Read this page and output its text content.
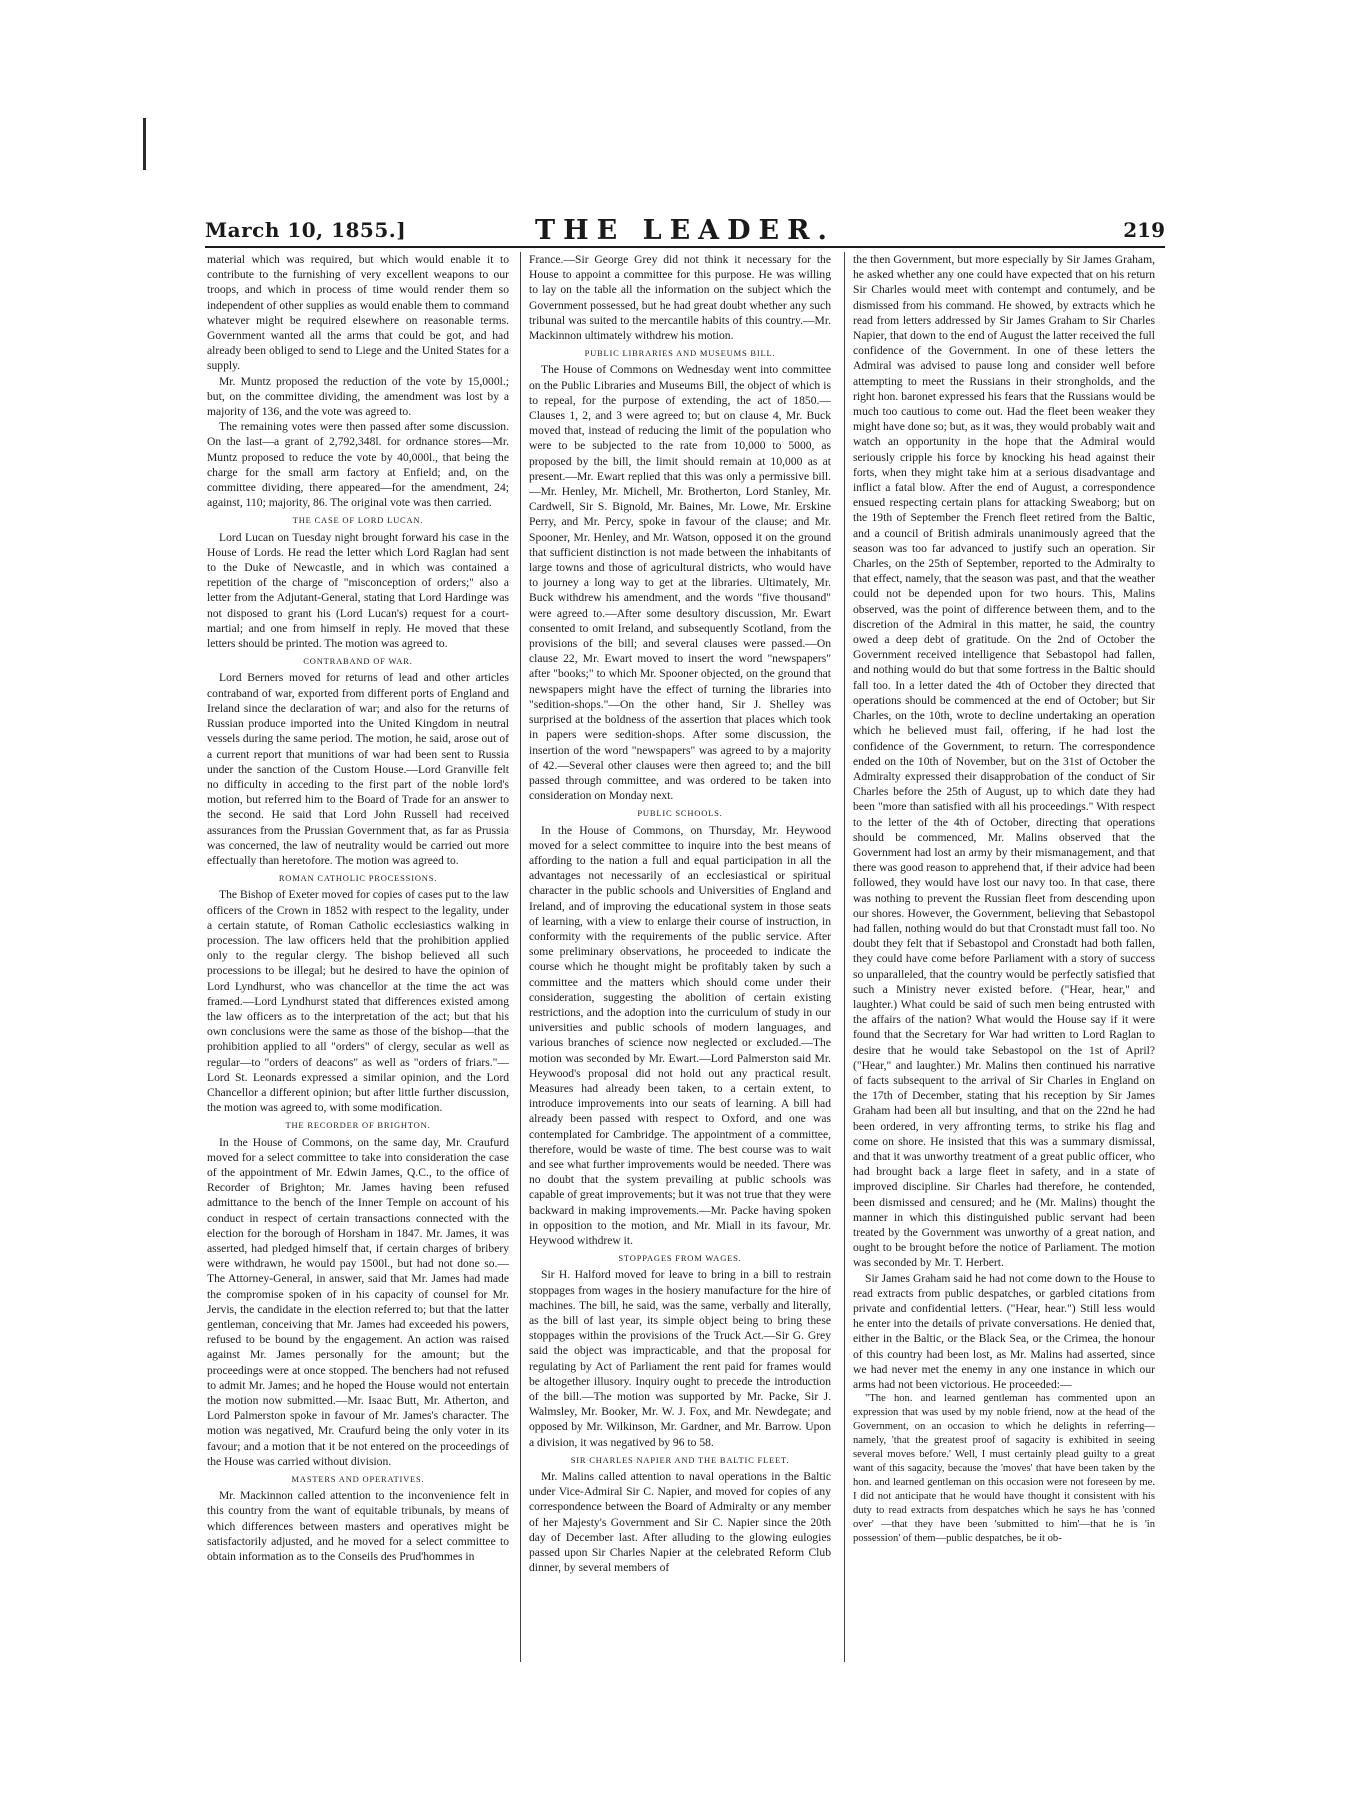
March 10, 1855.]	THE LEADER.	219

material which was required, but which would enable it to contribute to the furnishing of very excellent weapons to our troops, and which in process of time would render them so independent of other supplies as would enable them to command whatever might be required elsewhere on reasonable terms. Government wanted all the arms that could be got, and had already been obliged to send to Liege and the United States for a supply.

Mr. Muntz proposed the reduction of the vote by 15,000l.; but, on the committee dividing, the amendment was lost by a majority of 136, and the vote was agreed to.

The remaining votes were then passed after some discussion. On the last—a grant of 2,792,348l. for ordnance stores—Mr. Muntz proposed to reduce the vote by 40,000l., that being the charge for the small arm factory at Enfield; and, on the committee dividing, there appeared—for the amendment, 24; against, 110; majority, 86. The original vote was then carried.

THE CASE OF LORD LUCAN.

Lord Lucan on Tuesday night brought forward his case in the House of Lords. He read the letter which Lord Raglan had sent to the Duke of Newcastle, and in which was contained a repetition of the charge of "misconception of orders;" also a letter from the Adjutant-General, stating that Lord Hardinge was not disposed to grant his (Lord Lucan's) request for a court-martial; and one from himself in reply. He moved that these letters should be printed. The motion was agreed to.

CONTRABAND OF WAR.

Lord Berners moved for returns of lead and other articles contraband of war, exported from different ports of England and Ireland since the declaration of war; and also for the returns of Russian produce imported into the United Kingdom in neutral vessels during the same period. The motion, he said, arose out of a current report that munitions of war had been sent to Russia under the sanction of the Custom House.—Lord Granville felt no difficulty in acceding to the first part of the noble lord's motion, but referred him to the Board of Trade for an answer to the second. He said that Lord John Russell had received assurances from the Prussian Government that, as far as Prussia was concerned, the law of neutrality would be carried out more effectually than heretofore. The motion was agreed to.

ROMAN CATHOLIC PROCESSIONS.

The Bishop of Exeter moved for copies of cases put to the law officers of the Crown in 1852 with respect to the legality, under a certain statute, of Roman Catholic ecclesiastics walking in procession. The law officers held that the prohibition applied only to the regular clergy. The bishop believed all such processions to be illegal; but he desired to have the opinion of Lord Lyndhurst, who was chancellor at the time the act was framed.—Lord Lyndhurst stated that differences existed among the law officers as to the interpretation of the act; but that his own conclusions were the same as those of the bishop—that the prohibition applied to all "orders" of clergy, secular as well as regular—to "orders of deacons" as well as "orders of friars."—Lord St. Leonards expressed a similar opinion, and the Lord Chancellor a different opinion; but after little further discussion, the motion was agreed to, with some modification.

THE RECORDER OF BRIGHTON.

In the House of Commons, on the same day, Mr. Craufurd moved for a select committee to take into consideration the case of the appointment of Mr. Edwin James, Q.C., to the office of Recorder of Brighton; Mr. James having been refused admittance to the bench of the Inner Temple on account of his conduct in respect of certain transactions connected with the election for the borough of Horsham in 1847. Mr. James, it was asserted, had pledged himself that, if certain charges of bribery were withdrawn, he would pay 1500l., but had not done so.—The Attorney-General, in answer, said that Mr. James had made the compromise spoken of in his capacity of counsel for Mr. Jervis, the candidate in the election referred to; but that the latter gentleman, conceiving that Mr. James had exceeded his powers, refused to be bound by the engagement. An action was raised against Mr. James personally for the amount; but the proceedings were at once stopped. The benchers had not refused to admit Mr. James; and he hoped the House would not entertain the motion now submitted.—Mr. Isaac Butt, Mr. Atherton, and Lord Palmerston spoke in favour of Mr. James's character. The motion was negatived, Mr. Craufurd being the only voter in its favour; and a motion that it be not entered on the proceedings of the House was carried without division.

MASTERS AND OPERATIVES.

Mr. Mackinnon called attention to the inconvenience felt in this country from the want of equitable tribunals, by means of which differences between masters and operatives might be satisfactorily adjusted, and he moved for a select committee to obtain information as to the Conseils des Prud'hommes in

France.—Sir George Grey did not think it necessary for the House to appoint a committee for this purpose. He was willing to lay on the table all the information on the subject which the Government possessed, but he had great doubt whether any such tribunal was suited to the mercantile habits of this country.—Mr. Mackinnon ultimately withdrew his motion.

PUBLIC LIBRARIES AND MUSEUMS BILL.

The House of Commons on Wednesday went into committee on the Public Libraries and Museums Bill, the object of which is to repeal, for the purpose of extending, the act of 1850.—Clauses 1, 2, and 3 were agreed to; but on clause 4, Mr. Buck moved that, instead of reducing the limit of the population who were to be subjected to the rate from 10,000 to 5000, as proposed by the bill, the limit should remain at 10,000 as at present.—Mr. Ewart replied that this was only a permissive bill.—Mr. Henley, Mr. Michell, Mr. Brotherton, Lord Stanley, Mr. Cardwell, Sir S. Bignold, Mr. Baines, Mr. Lowe, Mr. Erskine Perry, and Mr. Percy, spoke in favour of the clause; and Mr. Spooner, Mr. Henley, and Mr. Watson, opposed it on the ground that sufficient distinction is not made between the inhabitants of large towns and those of agricultural districts, who would have to journey a long way to get at the libraries. Ultimately, Mr. Buck withdrew his amendment, and the words "five thousand" were agreed to.—After some desultory discussion, Mr. Ewart consented to omit Ireland, and subsequently Scotland, from the provisions of the bill; and several clauses were passed.—On clause 22, Mr. Ewart moved to insert the word "newspapers" after "books;" to which Mr. Spooner objected, on the ground that newspapers might have the effect of turning the libraries into "sedition-shops."—On the other hand, Sir J. Shelley was surprised at the boldness of the assertion that places which took in papers were sedition-shops. After some discussion, the insertion of the word "newspapers" was agreed to by a majority of 42.—Several other clauses were then agreed to; and the bill passed through committee, and was ordered to be taken into consideration on Monday next.

PUBLIC SCHOOLS.

In the House of Commons, on Thursday, Mr. Heywood moved for a select committee to inquire into the best means of affording to the nation a full and equal participation in all the advantages not necessarily of an ecclesiastical or spiritual character in the public schools and Universities of England and Ireland, and of improving the educational system in those seats of learning, with a view to enlarge their course of instruction, in conformity with the requirements of the public service. After some preliminary observations, he proceeded to indicate the course which he thought might be profitably taken by such a committee and the matters which should come under their consideration, suggesting the abolition of certain existing restrictions, and the adoption into the curriculum of study in our universities and public schools of modern languages, and various branches of science now neglected or excluded.—The motion was seconded by Mr. Ewart.—Lord Palmerston said Mr. Heywood's proposal did not hold out any practical result. Measures had already been taken, to a certain extent, to introduce improvements into our seats of learning. A bill had already been passed with respect to Oxford, and one was contemplated for Cambridge. The appointment of a committee, therefore, would be waste of time. The best course was to wait and see what further improvements would be needed. There was no doubt that the system prevailing at public schools was capable of great improvements; but it was not true that they were backward in making improvements.—Mr. Packe having spoken in opposition to the motion, and Mr. Miall in its favour, Mr. Heywood withdrew it.

STOPPAGES FROM WAGES.

Sir H. Halford moved for leave to bring in a bill to restrain stoppages from wages in the hosiery manufacture for the hire of machines. The bill, he said, was the same, verbally and literally, as the bill of last year, its simple object being to bring these stoppages within the provisions of the Truck Act.—Sir G. Grey said the object was impracticable, and that the proposal for regulating by Act of Parliament the rent paid for frames would be altogether illusory. Inquiry ought to precede the introduction of the bill.—The motion was supported by Mr. Packe, Sir J. Walmsley, Mr. Booker, Mr. W. J. Fox, and Mr. Newdegate; and opposed by Mr. Wilkinson, Mr. Gardner, and Mr. Barrow. Upon a division, it was negatived by 96 to 58.

SIR CHARLES NAPIER AND THE BALTIC FLEET.

Mr. Malins called attention to naval operations in the Baltic under Vice-Admiral Sir C. Napier, and moved for copies of any correspondence between the Board of Admiralty or any member of her Majesty's Government and Sir C. Napier since the 20th day of December last. After alluding to the glowing eulogies passed upon Sir Charles Napier at the celebrated Reform Club dinner, by several members of

the then Government, but more especially by Sir James Graham, he asked whether any one could have expected that on his return Sir Charles would meet with contempt and contumely, and be dismissed from his command. He showed, by extracts which he read from letters addressed by Sir James Graham to Sir Charles Napier, that down to the end of August the latter received the full confidence of the Government. In one of these letters the Admiral was advised to pause long and consider well before attempting to meet the Russians in their strongholds, and the right hon. baronet expressed his fears that the Russians would be much too cautious to come out. Had the fleet been weaker they might have done so; but, as it was, they would probably wait and watch an opportunity in the hope that the Admiral would seriously cripple his force by knocking his head against their forts, when they might take him at a serious disadvantage and inflict a fatal blow. After the end of August, a correspondence ensued respecting certain plans for attacking Sweaborg; but on the 19th of September the French fleet retired from the Baltic, and a council of British admirals unanimously agreed that the season was too far advanced to justify such an operation. Sir Charles, on the 25th of September, reported to the Admiralty to that effect, namely, that the season was past, and that the weather could not be depended upon for two hours. This, Malins observed, was the point of difference between them, and to the discretion of the Admiral in this matter, he said, the country owed a deep debt of gratitude. On the 2nd of October the Government received intelligence that Sebastopol had fallen, and nothing would do but that some fortress in the Baltic should fall too. In a letter dated the 4th of October they directed that operations should be commenced at the end of October; but Sir Charles, on the 10th, wrote to decline undertaking an operation which he believed must fail, offering, if he had lost the confidence of the Government, to return. The correspondence ended on the 10th of November, but on the 31st of October the Admiralty expressed their disapprobation of the conduct of Sir Charles before the 25th of August, up to which date they had been "more than satisfied with all his proceedings." With respect to the letter of the 4th of October, directing that operations should be commenced, Mr. Malins observed that the Government had lost an army by their mismanagement, and that there was good reason to apprehend that, if their advice had been followed, they would have lost our navy too. In that case, there was nothing to prevent the Russian fleet from descending upon our shores. However, the Government, believing that Sebastopol had fallen, nothing would do but that Cronstadt must fall too. No doubt they felt that if Sebastopol and Cronstadt had both fallen, they could have come before Parliament with a story of success so unparalleled, that the country would be perfectly satisfied that such a Ministry never existed before. ("Hear, hear," and laughter.) What could be said of such men being entrusted with the affairs of the nation? What would the House say if it were found that the Secretary for War had written to Lord Raglan to desire that he would take Sebastopol on the 1st of April? ("Hear," and laughter.) Mr. Malins then continued his narrative of facts subsequent to the arrival of Sir Charles in England on the 17th of December, stating that his reception by Sir James Graham had been all but insulting, and that on the 22nd he had been ordered, in very affronting terms, to strike his flag and come on shore. He insisted that this was a summary dismissal, and that it was unworthy treatment of a great public officer, who had brought back a large fleet in safety, and in a state of improved discipline. Sir Charles had therefore, he contended, been dismissed and censured; and he (Mr. Malins) thought the manner in which this distinguished public servant had been treated by the Government was unworthy of a great nation, and ought to be brought before the notice of Parliament. The motion was seconded by Mr. T. Herbert.

Sir James Graham said he had not come down to the House to read extracts from public despatches, or garbled citations from private and confidential letters. ("Hear, hear.") Still less would he enter into the details of private conversations. He denied that, either in the Baltic, or the Black Sea, or the Crimea, the honour of this country had been lost, as Mr. Malins had asserted, since we had never met the enemy in any one instance in which our arms had not been victorious. He proceeded:—

"The hon. and learned gentleman has commented upon an expression that was used by my noble friend, now at the head of the Government, on an occasion to which he delights in referring—namely, 'that the greatest proof of sagacity is exhibited in seeing several moves before.' Well, I must certainly plead guilty to a great want of this sagacity, because the 'moves' that have been taken by the hon. and learned gentleman on this occasion were not foreseen by me. I did not anticipate that he would have thought it consistent with his duty to read extracts from despatches which he says he has 'conned over' —that they have been 'submitted to him'—that he is 'in possession' of them—public despatches, be it ob-
